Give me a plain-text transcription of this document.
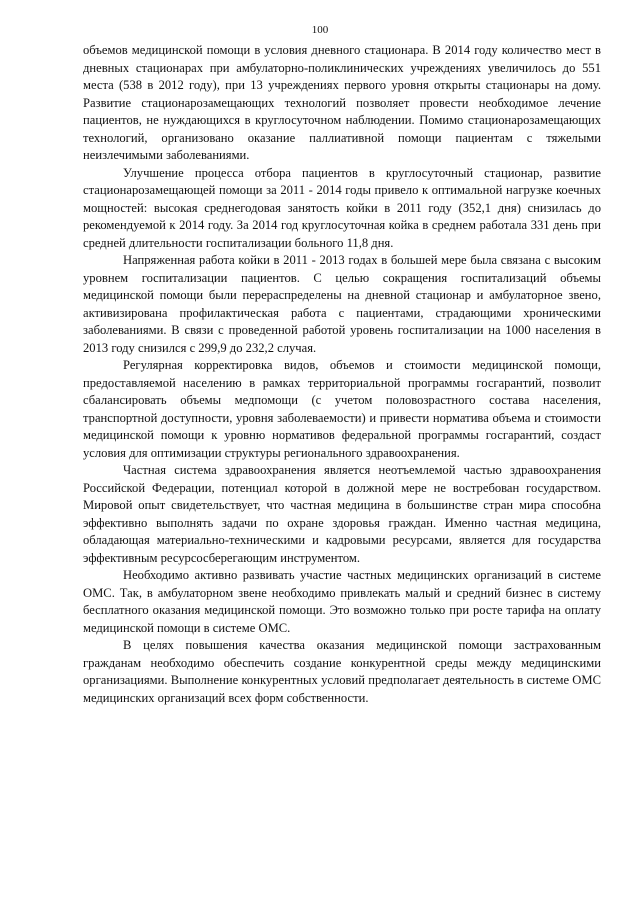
100

объемов медицинской помощи в условия дневного стационара. В 2014 году количество мест в дневных стационарах при амбулаторно-поликлинических учреждениях увеличилось до 551 места (538 в 2012 году), при 13 учреждениях первого уровня открыты стационары на дому. Развитие стационарозамещающих технологий позволяет провести необходимое лечение пациентов, не нуждающихся в круглосуточном наблюдении. Помимо стационарозамещающих технологий, организовано оказание паллиативной помощи пациентам с тяжелыми неизлечимыми заболеваниями.

Улучшение процесса отбора пациентов в круглосуточный стационар, развитие стационарозамещающей помощи за 2011 - 2014 годы привело к оптимальной нагрузке коечных мощностей: высокая среднегодовая занятость койки в 2011 году (352,1 дня) снизилась до рекомендуемой к 2014 году. За 2014 год круглосуточная койка в среднем работала 331 день при средней длительности госпитализации больного 11,8 дня.

Напряженная работа койки в 2011 - 2013 годах в большей мере была связана с высоким уровнем госпитализации пациентов. С целью сокращения госпитализаций объемы медицинской помощи были перераспределены на дневной стационар и амбулаторное звено, активизирована профилактическая работа с пациентами, страдающими хроническими заболеваниями. В связи с проведенной работой уровень госпитализации на 1000 населения в 2013 году снизился с 299,9 до 232,2 случая.

Регулярная корректировка видов, объемов и стоимости медицинской помощи, предоставляемой населению в рамках территориальной программы госгарантий, позволит сбалансировать объемы медпомощи (с учетом половозрастного состава населения, транспортной доступности, уровня заболеваемости) и привести норматива объема и стоимости медицинской помощи к уровню нормативов федеральной программы госгарантий, создаст условия для оптимизации структуры регионального здравоохранения.

Частная система здравоохранения является неотъемлемой частью здравоохранения Российской Федерации, потенциал которой в должной мере не востребован государством. Мировой опыт свидетельствует, что частная медицина в большинстве стран мира способна эффективно выполнять задачи по охране здоровья граждан. Именно частная медицина, обладающая материально-техническими и кадровыми ресурсами, является для государства эффективным ресурсосберегающим инструментом.

Необходимо активно развивать участие частных медицинских организаций в системе ОМС. Так, в амбулаторном звене необходимо привлекать малый и средний бизнес в систему бесплатного оказания медицинской помощи. Это возможно только при росте тарифа на оплату медицинской помощи в системе ОМС.

В целях повышения качества оказания медицинской помощи застрахованным гражданам необходимо обеспечить создание конкурентной среды между медицинскими организациями. Выполнение конкурентных условий предполагает деятельность в системе ОМС медицинских организаций всех форм собственности.
